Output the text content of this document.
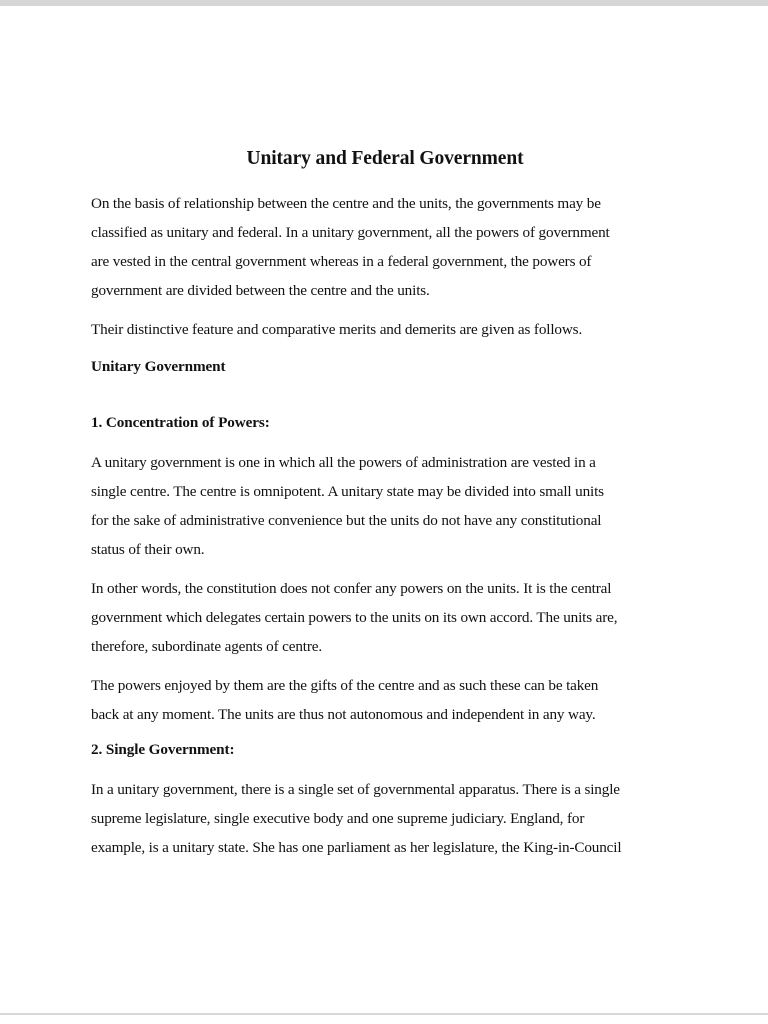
Unitary and Federal Government

On the basis of relationship between the centre and the units, the governments may be
classified as unitary and federal. In a unitary government, all the powers of government
are vested in the central government whereas in a federal government, the powers of
government are divided between the centre and the units.

Their distinctive feature and comparative merits and demerits are given as follows.

Unitary Government

1. Concentration of Powers:

A unitary government is one in which all the powers of administration are vested in a
single centre. The centre is omnipotent. A unitary state may be divided into small units
for the sake of administrative convenience but the units do not have any constitutional
status of their own.

In other words, the constitution does not confer any powers on the units. It is the central
government which delegates certain powers to the units on its own accord. The units are,
therefore, subordinate agents of centre.

The powers enjoyed by them are the gifts of the centre and as such these can be taken
back at any moment. The units are thus not autonomous and independent in any way.

2. Single Government:

In a unitary government, there is a single set of governmental apparatus. There is a single
supreme legislature, single executive body and one supreme judiciary. England, for
example, is a unitary state. She has one parliament as her legislature, the King-in-Council
